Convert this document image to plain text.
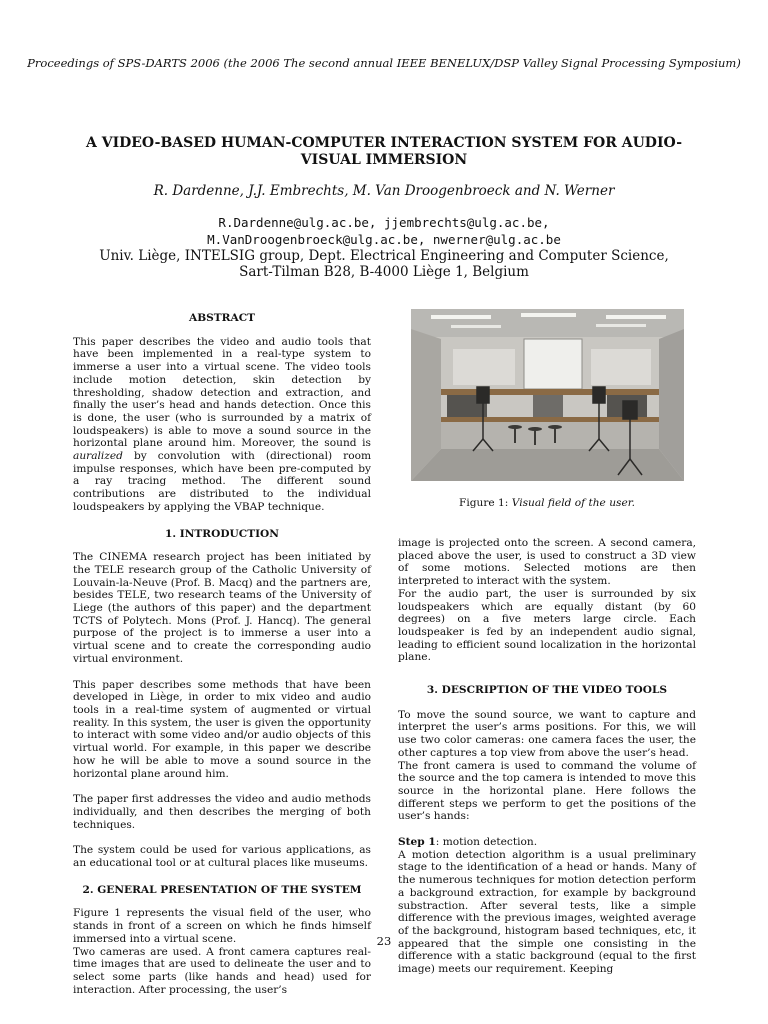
Proceedings of SPS-DARTS 2006 (the 2006 The second annual IEEE BENELUX/DSP Valley Signal Processing Symposium)
A VIDEO-BASED HUMAN-COMPUTER INTERACTION SYSTEM FOR AUDIO-VISUAL IMMERSION
R. Dardenne, J.J. Embrechts, M. Van Droogenbroeck and N. Werner
R.Dardenne@ulg.ac.be, jjembrechts@ulg.ac.be,
M.VanDroogenbroeck@ulg.ac.be, nwerner@ulg.ac.be
Univ. Liège, INTELSIG group, Dept. Electrical Engineering and Computer Science,
Sart-Tilman B28, B-4000 Liège 1, Belgium
ABSTRACT

This paper describes the video and audio tools that have been implemented in a real-type system to immerse a user into a virtual scene. The video tools include motion detection, skin detection by thresholding, shadow detection and extraction, and finally the user’s head and hands detection. Once this is done, the user (who is surrounded by a matrix of loudspeakers) is able to move a sound source in the horizontal plane around him. Moreover, the sound is auralized by convolution with (directional) room impulse responses, which have been pre-computed by a ray tracing method. The different sound contributions are distributed to the individual loudspeakers by applying the VBAP technique.

1. INTRODUCTION

The CINEMA research project has been initiated by the TELE research group of the Catholic University of Louvain-la-Neuve (Prof. B. Macq) and the partners are, besides TELE, two research teams of the University of Liege (the authors of this paper) and the department TCTS of Polytech. Mons (Prof. J. Hancq). The general purpose of the project is to immerse a user into a virtual scene and to create the corresponding audio virtual environment.

This paper describes some methods that have been developed in Liège, in order to mix video and audio tools in a real-time system of augmented or virtual reality. In this system, the user is given the opportunity to interact with some video and/or audio objects of this virtual world. For example, in this paper we describe how he will be able to move a sound source in the horizontal plane around him.

The paper first addresses the video and audio methods individually, and then describes the merging of both techniques.

The system could be used for various applications, as an educational tool or at cultural places like museums.

2. GENERAL PRESENTATION OF THE SYSTEM

Figure 1 represents the visual field of the user, who stands in front of a screen on which he finds himself immersed into a virtual scene.

Two cameras are used. A front camera captures real-time images that are used to delineate the user and to select some parts (like hands and head) used for interaction. After processing, the user’s

Figure 1: Visual field of the user.

image is projected onto the screen. A second camera, placed above the user, is used to construct a 3D view of some motions. Selected motions are then interpreted to interact with the system.

For the audio part, the user is surrounded by six loudspeakers which are equally distant (by 60 degrees) on a five meters large circle. Each loudspeaker is fed by an independent audio signal, leading to efficient sound localization in the horizontal plane.

3. DESCRIPTION OF THE VIDEO TOOLS

To move the sound source, we want to capture and interpret the user’s arms positions. For this, we will use two color cameras: one camera faces the user, the other captures a top view from above the user’s head.

The front camera is used to command the volume of the source and the top camera is intended to move this source in the horizontal plane. Here follows the different steps we perform to get the positions of the user’s hands:

Step 1: motion detection.

A motion detection algorithm is a usual preliminary stage to the identification of a head or hands. Many of the numerous techniques for motion detection perform a background extraction, for example by background substraction. After several tests, like a simple difference with the previous images, weighted average of the background, histogram based techniques, etc, it appeared that the simple one consisting in the difference with a static background (equal to the first image) meets our requirement. Keeping

23
